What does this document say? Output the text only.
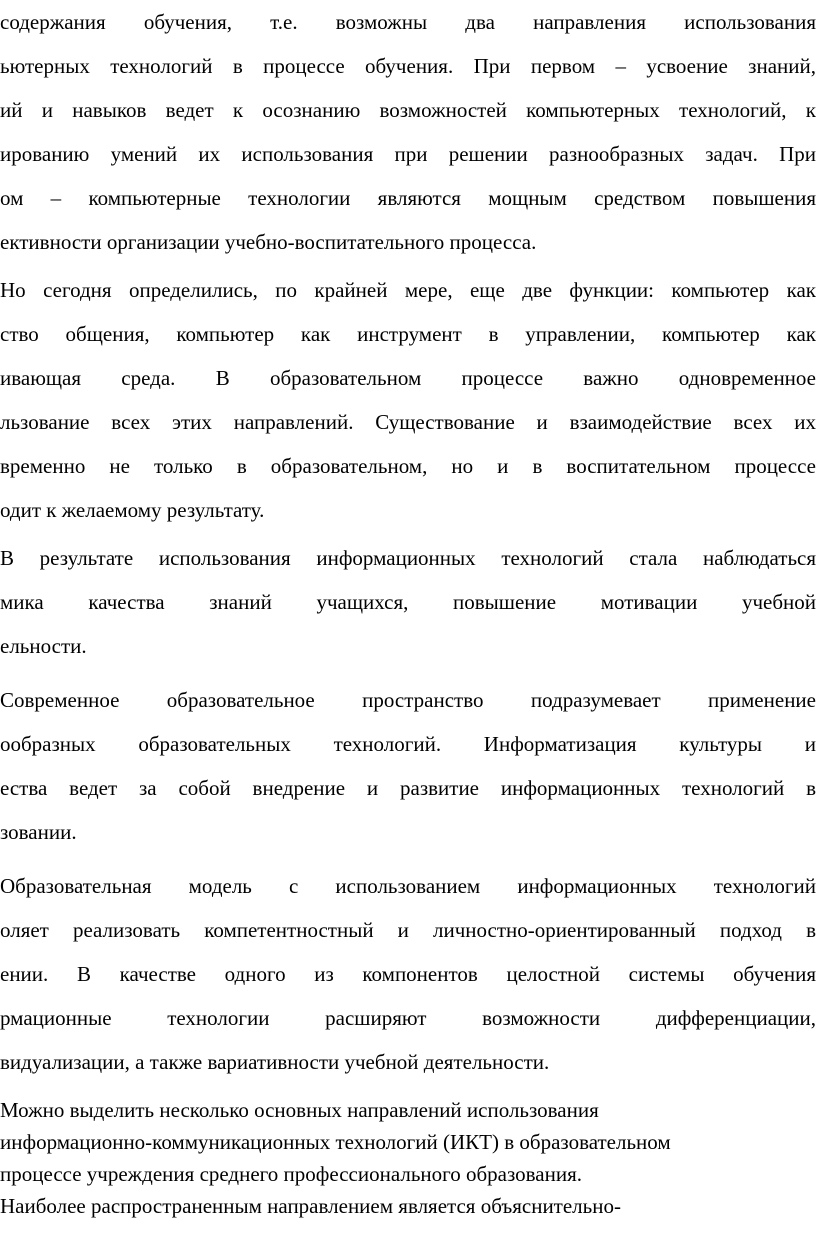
содержания обучения, т.е. возможны два направления использования
ьютерных технологий в процессе обучения. При первом – усвоение знаний,
ий и навыков ведет к осознанию возможностей компьютерных технологий, к
ированию умений их использования при решении разнообразных задач. При
ом – компьютерные технологии являются мощным средством повышения
ективности организации учебно-воспитательного процесса.
Но сегодня определились, по крайней мере, еще две функции: компьютер как
ство общения, компьютер как инструмент в управлении, компьютер как
ивающая среда. В образовательном процессе важно одновременное
льзование всех этих направлений. Существование и взаимодействие всех их
временно не только в образовательном, но и в воспитательном процессе
одит к желаемому результату.
В результате использования информационных технологий стала наблюдаться
мика качества знаний учащихся, повышение мотивации учебной
ельности.
Современное образовательное пространство подразумевает применение
ообразных образовательных технологий. Информатизация культуры и
ества ведет за собой внедрение и развитие информационных технологий в
зовании.
Образовательная модель с использованием информационных технологий
оляет реализовать компетентностный и личностно-ориентированный подход в
ении. В качестве одного из компонентов целостной системы обучения
рмационные технологии расширяют возможности дифференциации,
видуализации, а также вариативности учебной деятельности.
Можно выделить несколько основных направлений использования
информационно-коммуникационных технологий (ИКТ) в образовательном
процессе учреждения среднего профессионального образования.
Наиболее распространенным направлением является объяснительно-
